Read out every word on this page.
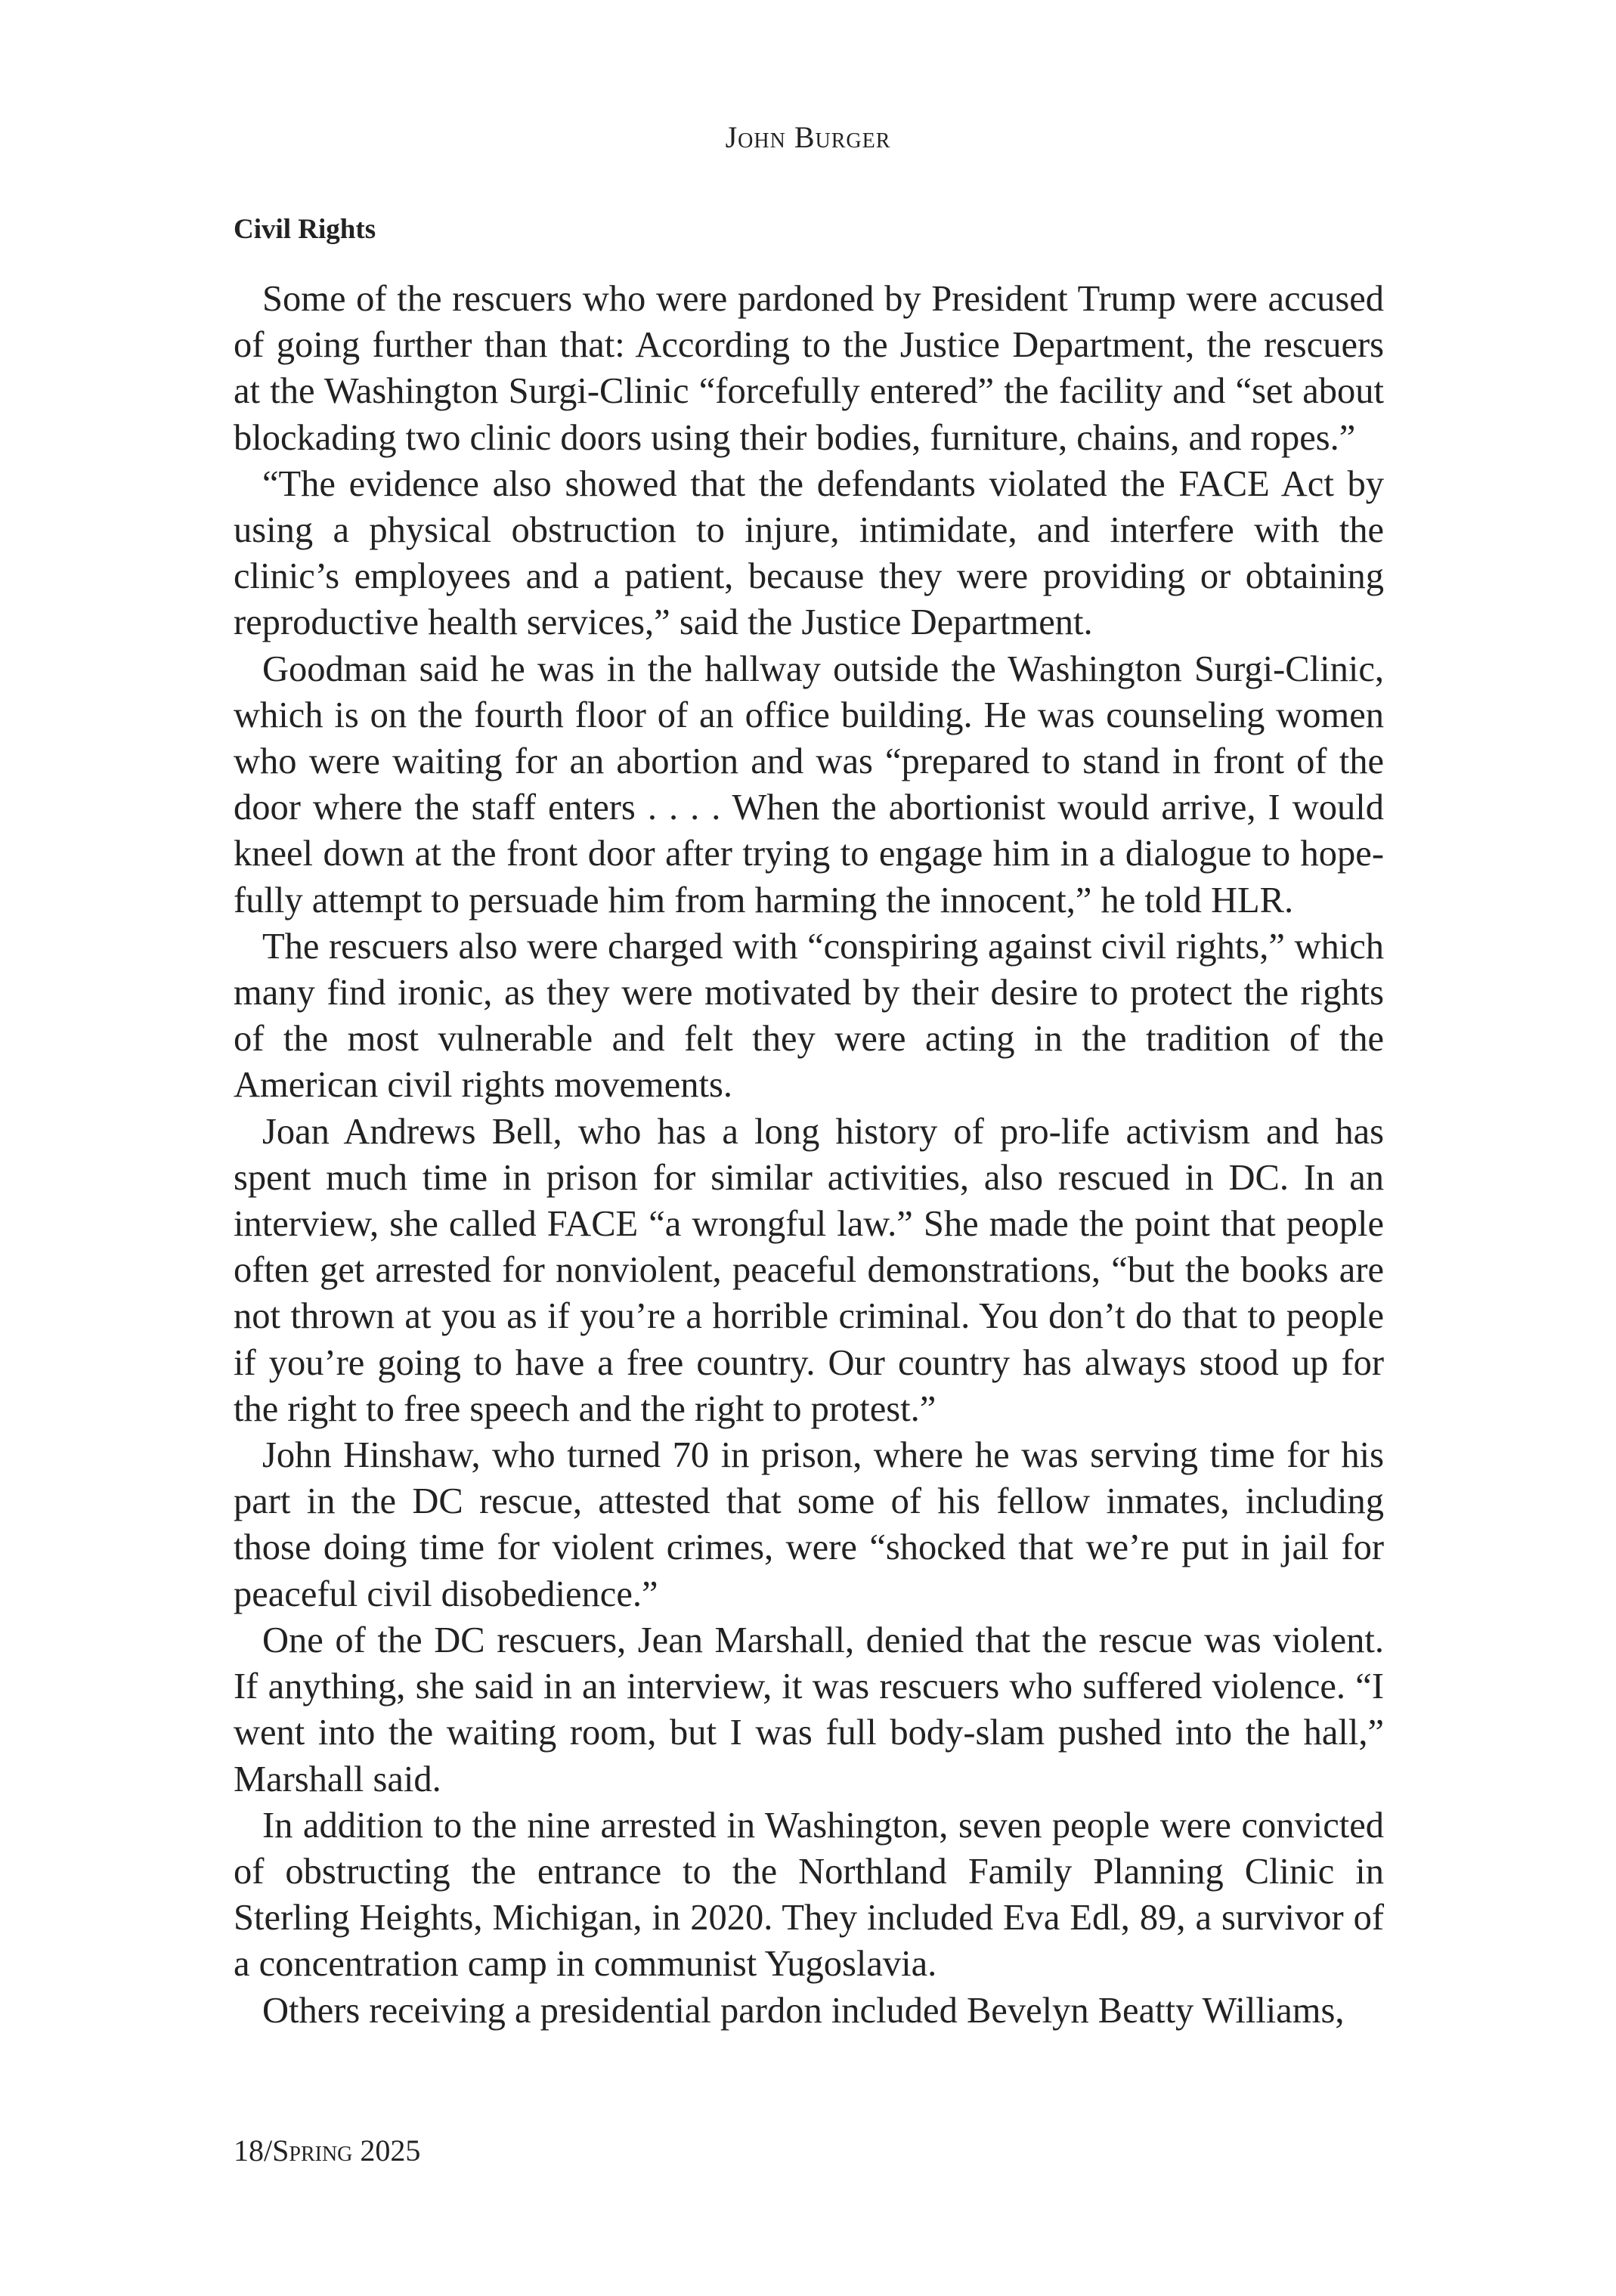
John Burger
Civil Rights

Some of the rescuers who were pardoned by President Trump were accused of going further than that: According to the Justice Department, the rescuers at the Washington Surgi-Clinic “forcefully entered” the facility and “set about blockading two clinic doors using their bodies, furniture, chains, and ropes.”

“The evidence also showed that the defendants violated the FACE Act by using a physical obstruction to injure, intimidate, and interfere with the clinic’s employees and a patient, because they were providing or obtaining reproductive health services,” said the Justice Department.

Goodman said he was in the hallway outside the Washington Surgi-Clinic, which is on the fourth floor of an office building. He was counseling women who were waiting for an abortion and was “prepared to stand in front of the door where the staff enters . . . . When the abortionist would arrive, I would kneel down at the front door after trying to engage him in a dialogue to hopefully attempt to persuade him from harming the innocent,” he told HLR.

The rescuers also were charged with “conspiring against civil rights,” which many find ironic, as they were motivated by their desire to protect the rights of the most vulnerable and felt they were acting in the tradition of the American civil rights movements.

Joan Andrews Bell, who has a long history of pro-life activism and has spent much time in prison for similar activities, also rescued in DC. In an interview, she called FACE “a wrongful law.” She made the point that people often get arrested for nonviolent, peaceful demonstrations, “but the books are not thrown at you as if you’re a horrible criminal. You don’t do that to people if you’re going to have a free country. Our country has always stood up for the right to free speech and the right to protest.”

John Hinshaw, who turned 70 in prison, where he was serving time for his part in the DC rescue, attested that some of his fellow inmates, including those doing time for violent crimes, were “shocked that we’re put in jail for peaceful civil disobedience.”

One of the DC rescuers, Jean Marshall, denied that the rescue was violent. If anything, she said in an interview, it was rescuers who suffered violence. “I went into the waiting room, but I was full body-slam pushed into the hall,” Marshall said.

In addition to the nine arrested in Washington, seven people were convicted of obstructing the entrance to the Northland Family Planning Clinic in Sterling Heights, Michigan, in 2020. They included Eva Edl, 89, a survivor of a concentration camp in communist Yugoslavia.

Others receiving a presidential pardon included Bevelyn Beatty Williams,

18/Spring 2025
